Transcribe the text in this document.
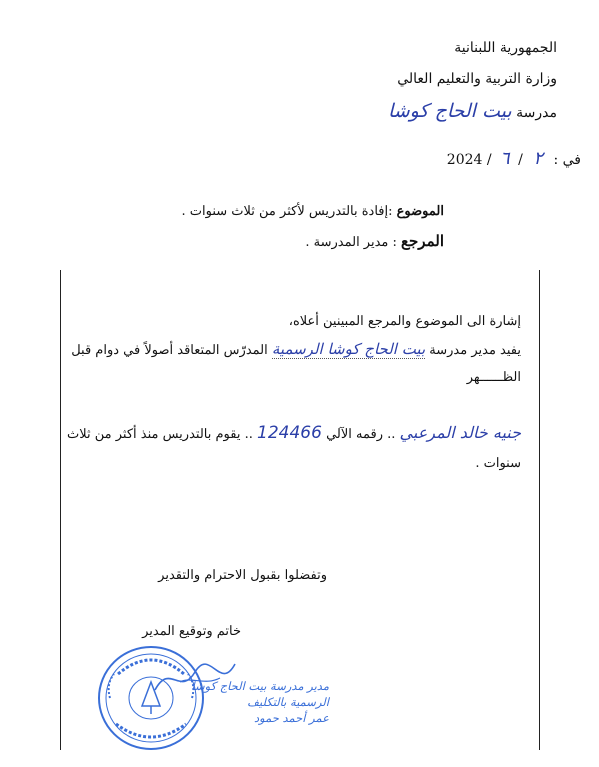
الجمهورية اللبنانية
وزارة التربية والتعليم العالي
مدرسة بيت الحاج كوشا
في : ٢ / ٦ / 2024
الموضوع :إفادة بالتدريس لأكثر من ثلاث سنوات .
المرجع : مدير المدرسة .
إشارة الى الموضوع والمرجع المبينين أعلاه،
يفيد مدير مدرسة بيت الحاج كوشا الرسمية المدرّس المتعاقد أصولاً في دوام قبل
الظــــــهر
جنيه خالد المرعبي .. رقمه الآلي 124466 .. يقوم بالتدريس منذ أكثر من ثلاث
سنوات .
وتفضلوا بقبول الاحترام والتقدير
خاتم وتوقيع المدير
مدير مدرسة بيت الحاج كوشا
الرسمية بالتكليف
عمر أحمد حمود
